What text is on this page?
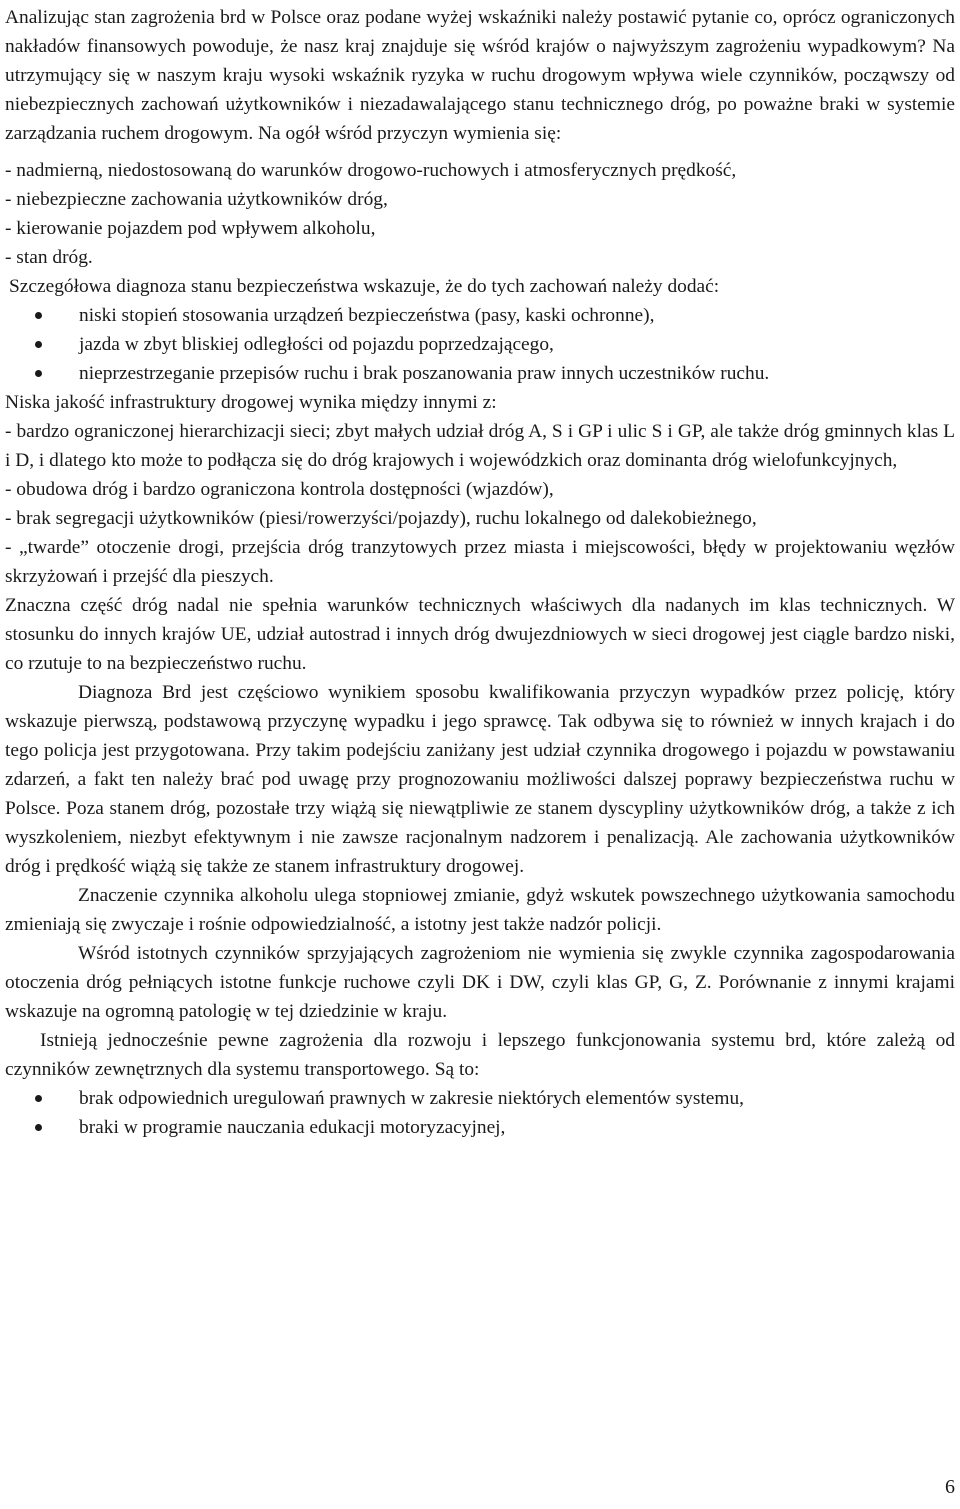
Analizując stan zagrożenia brd w Polsce oraz podane wyżej wskaźniki należy postawić pytanie co, oprócz ograniczonych nakładów finansowych powoduje, że nasz kraj znajduje się wśród krajów o najwyższym zagrożeniu wypadkowym? Na utrzymujący się w naszym kraju wysoki wskaźnik ryzyka w ruchu drogowym wpływa wiele czynników, począwszy od niebezpiecznych zachowań użytkowników i niezadawalającego stanu technicznego dróg, po poważne braki w systemie zarządzania ruchem drogowym. Na ogół wśród przyczyn wymienia się:

- nadmierną, niedostosowaną do warunków drogowo-ruchowych i atmosferycznych prędkość,

- niebezpieczne zachowania użytkowników dróg,

- kierowanie pojazdem pod wpływem alkoholu,

- stan dróg.

Szczegółowa diagnoza stanu bezpieczeństwa wskazuje, że do tych zachowań należy dodać:

niski stopień stosowania urządzeń bezpieczeństwa (pasy, kaski ochronne),
jazda w zbyt bliskiej odległości od pojazdu poprzedzającego,
nieprzestrzeganie przepisów ruchu i brak poszanowania praw innych uczestników ruchu.

Niska jakość infrastruktury drogowej wynika między innymi z:

- bardzo ograniczonej hierarchizacji sieci; zbyt małych udział dróg A, S i GP i ulic S i GP, ale także dróg gminnych klas L i D, i dlatego kto może to podłącza się do dróg krajowych i wojewódzkich oraz dominanta dróg wielofunkcyjnych,

- obudowa dróg i bardzo ograniczona kontrola dostępności (wjazdów),

- brak segregacji użytkowników (piesi/rowerzyści/pojazdy), ruchu lokalnego od dalekobieżnego,

- „twarde” otoczenie drogi, przejścia dróg tranzytowych przez miasta i miejscowości, błędy w projektowaniu węzłów skrzyżowań i przejść dla pieszych.

Znaczna część dróg nadal nie spełnia warunków technicznych właściwych dla nadanych im klas technicznych. W stosunku do innych krajów UE, udział autostrad i innych dróg dwujezdniowych w sieci drogowej jest ciągle bardzo niski, co rzutuje to na bezpieczeństwo ruchu.

Diagnoza Brd jest częściowo wynikiem sposobu kwalifikowania przyczyn wypadków przez policję, który wskazuje pierwszą, podstawową przyczynę wypadku i jego sprawcę. Tak odbywa się to również w innych krajach i do tego policja jest przygotowana. Przy takim podejściu zaniżany jest udział czynnika drogowego i pojazdu w powstawaniu zdarzeń, a fakt ten należy brać pod uwagę przy prognozowaniu możliwości dalszej poprawy bezpieczeństwa ruchu w Polsce. Poza stanem dróg, pozostałe trzy wiążą się niewątpliwie ze stanem dyscypliny użytkowników dróg, a także z ich wyszkoleniem, niezbyt efektywnym i nie zawsze racjonalnym nadzorem i penalizacją. Ale zachowania użytkowników dróg i prędkość wiążą się także ze stanem infrastruktury drogowej.

Znaczenie czynnika alkoholu ulega stopniowej zmianie, gdyż wskutek powszechnego użytkowania samochodu zmieniają się zwyczaje i rośnie odpowiedzialność, a istotny jest także nadzór policji.

Wśród istotnych czynników sprzyjających zagrożeniom nie wymienia się zwykle czynnika zagospodarowania otoczenia dróg pełniących istotne funkcje ruchowe czyli DK i DW, czyli klas GP, G, Z. Porównanie z innymi krajami wskazuje na ogromną patologię w tej dziedzinie w kraju.

Istnieją jednocześnie pewne zagrożenia dla rozwoju i lepszego funkcjonowania systemu brd, które zależą od czynników zewnętrznych dla systemu transportowego. Są to:

brak odpowiednich uregulowań prawnych w zakresie niektórych elementów systemu,
braki w programie nauczania edukacji motoryzacyjnej,
6
